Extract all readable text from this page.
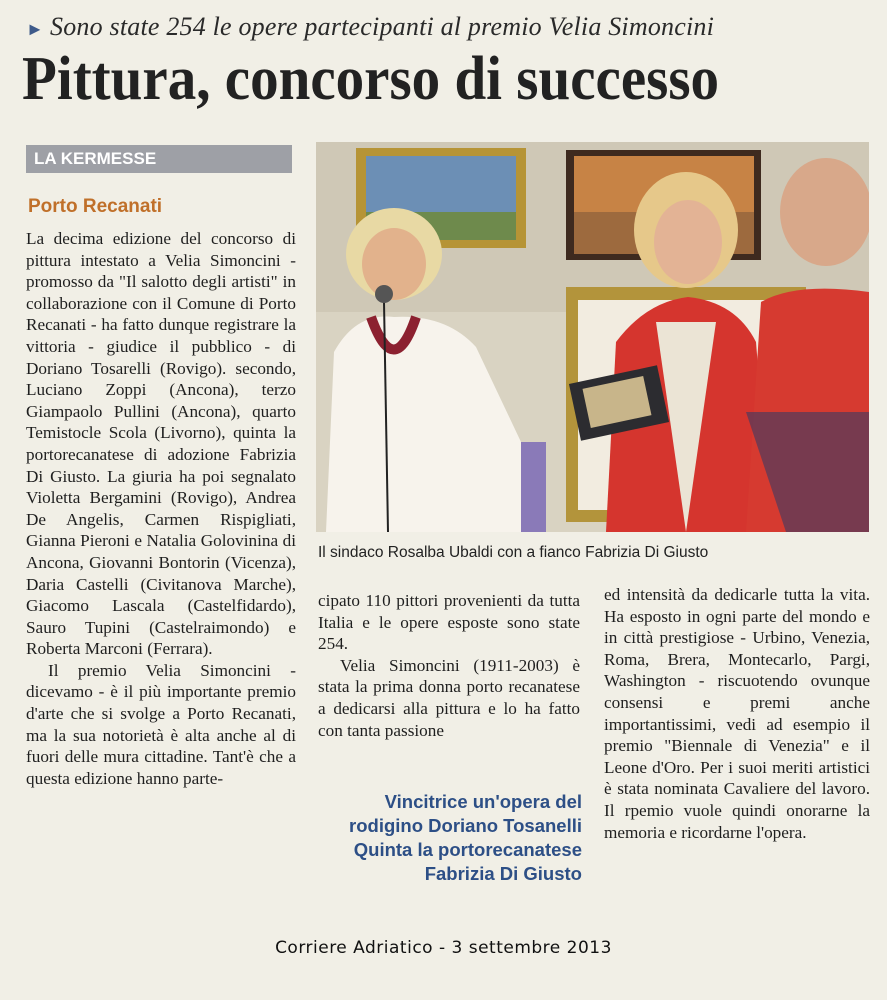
► Sono state 254 le opere partecipanti al premio Velia Simoncini
Pittura, concorso di successo
LA KERMESSE
Porto Recanati

La decima edizione del concorso di pittura intestato a Velia Simoncini - promosso da "Il salotto degli artisti" in collaborazione con il Comune di Porto Recanati - ha fatto dunque registrare la vittoria - giudice il pubblico - di Doriano Tosarelli (Rovigo). secondo, Luciano Zoppi (Ancona), terzo Giampaolo Pullini (Ancona), quarto Temistocle Scola (Livorno), quinta la portorecanatese di adozione Fabrizia Di Giusto. La giuria ha poi segnalato Violetta Bergamini (Rovigo), Andrea De Angelis, Carmen Rispigliati, Gianna Pieroni e Natalia Golovinina di Ancona, Giovanni Bontorin (Vicenza), Daria Castelli (Civitanova Marche), Giacomo Lascala (Castelfidardo), Sauro Tupini (Castelraimondo) e Roberta Marconi (Ferrara).

Il premio Velia Simoncini - dicevamo - è il più importante premio d'arte che si svolge a Porto Recanati, ma la sua notorietà è alta anche al di fuori delle mura cittadine. Tant'è che a questa edizione hanno parte-

Il sindaco Rosalba Ubaldi con a fianco Fabrizia Di Giusto

cipato 110 pittori provenienti da tutta Italia e le opere esposte sono state 254.

Velia Simoncini (1911-2003) è stata la prima donna porto recanatese a dedicarsi alla pittura e lo ha fatto con tanta passione

Vincitrice un'opera del rodigino Doriano Tosanelli Quinta la portorecanatese Fabrizia Di Giusto

ed intensità da dedicarle tutta la vita. Ha esposto in ogni parte del mondo e in città prestigiose - Urbino, Venezia, Roma, Brera, Montecarlo, Pargi, Washington - riscuotendo ovunque consensi e premi anche importantissimi, vedi ad esempio il premio "Biennale di Venezia" e il Leone d'Oro. Per i suoi meriti artistici è stata nominata Cavaliere del lavoro. Il rpemio vuole quindi onorarne la memoria e ricordarne l'opera.

Corriere Adriatico - 3 settembre 2013
